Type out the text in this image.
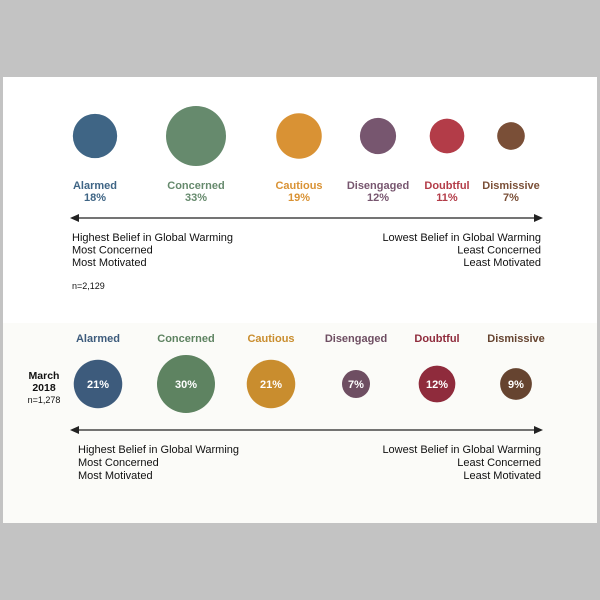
Alarmed
18%
Concerned
33%
Cautious
19%
Disengaged
12%
Doubtful
11%
Dismissive
7%
Highest Belief in Global Warming
Most Concerned
Most Motivated
Lowest Belief in Global Warming
Least Concerned
Least Motivated
n=2,129
Alarmed
21%
Concerned
30%
Cautious
21%
Disengaged
7%
Doubtful
12%
Dismissive
9%
March
2018
n=1,278
Highest Belief in Global Warming
Most Concerned
Most Motivated
Lowest Belief in Global Warming
Least Concerned
Least Motivated
